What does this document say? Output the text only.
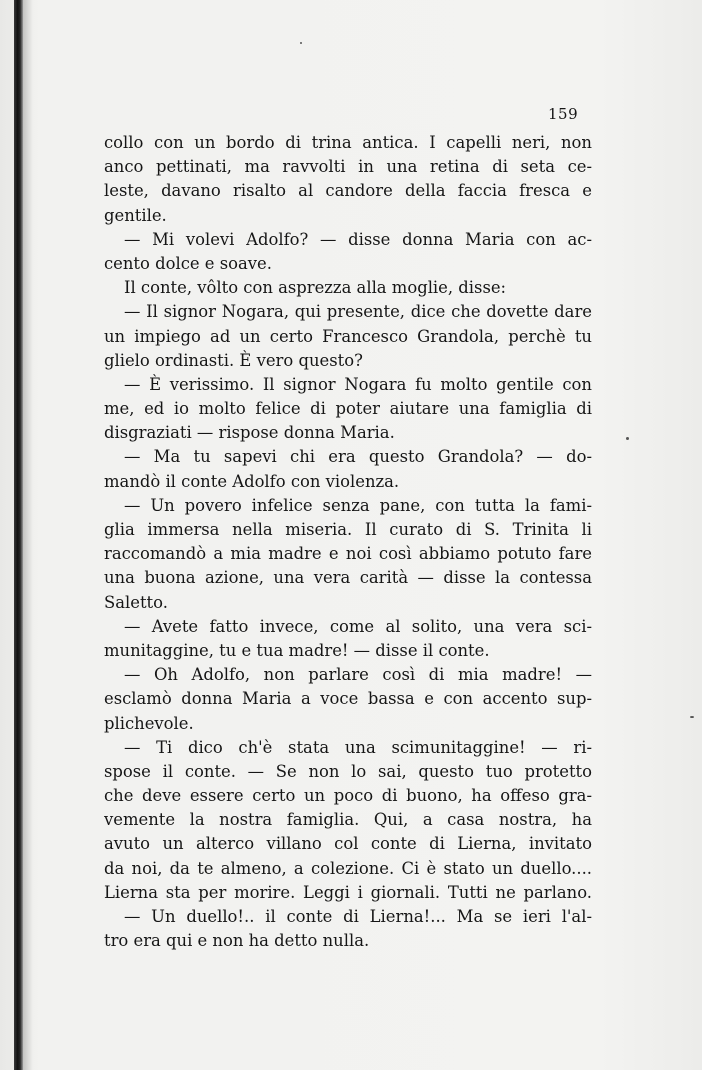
159
collo con un bordo di trina antica. I capelli neri, non
anco pettinati, ma ravvolti in una retina di seta ce-
leste, davano risalto al candore della faccia fresca e
gentile.
— Mi volevi Adolfo? — disse donna Maria con ac-
cento dolce e soave.
Il conte, vôlto con asprezza alla moglie, disse:
— Il signor Nogara, qui presente, dice che dovette dare
un impiego ad un certo Francesco Grandola, perchè tu
glielo ordinasti. È vero questo?
— È verissimo. Il signor Nogara fu molto gentile con
me, ed io molto felice di poter aiutare una famiglia di
disgraziati — rispose donna Maria.
— Ma tu sapevi chi era questo Grandola? — do-
mandò il conte Adolfo con violenza.
— Un povero infelice senza pane, con tutta la fami-
glia immersa nella miseria. Il curato di S. Trinita li
raccomandò a mia madre e noi così abbiamo potuto fare
una buona azione, una vera carità — disse la contessa
Saletto.
— Avete fatto invece, come al solito, una vera sci-
munitaggine, tu e tua madre! — disse il conte.
— Oh Adolfo, non parlare così di mia madre! —
esclamò donna Maria a voce bassa e con accento sup-
plichevole.
— Ti dico ch'è stata una scimunitaggine! — ri-
spose il conte. — Se non lo sai, questo tuo protetto
che deve essere certo un poco di buono, ha offeso gra-
vemente la nostra famiglia. Qui, a casa nostra, ha
avuto un alterco villano col conte di Lierna, invitato
da noi, da te almeno, a colezione. Ci è stato un duello....
Lierna sta per morire. Leggi i giornali. Tutti ne parlano.
— Un duello!.. il conte di Lierna!... Ma se ieri l'al-
tro era qui e non ha detto nulla.
